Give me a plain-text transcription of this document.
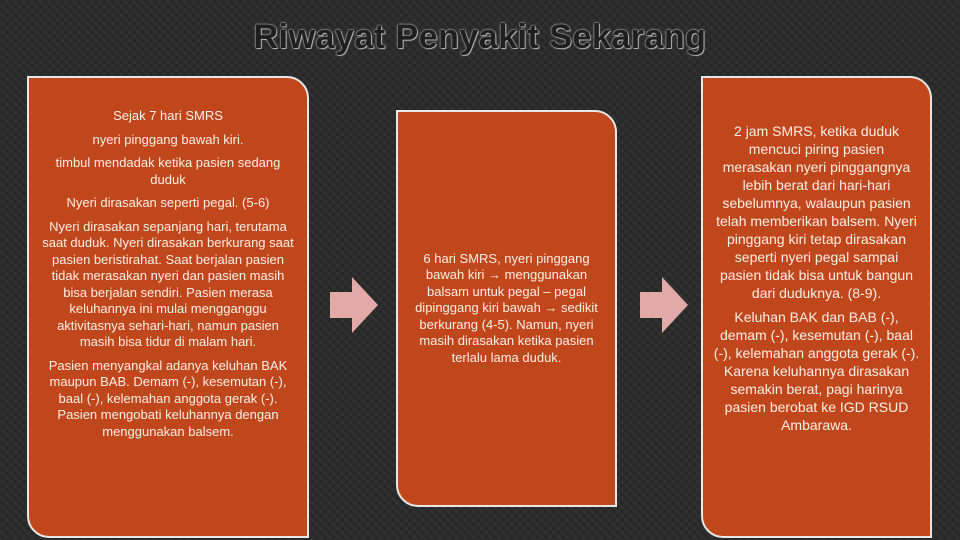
Riwayat Penyakit Sekarang

Sejak 7 hari SMRS

nyeri pinggang bawah kiri.

timbul mendadak ketika pasien sedang duduk

Nyeri dirasakan seperti pegal. (5-6)

Nyeri dirasakan sepanjang hari, terutama saat duduk. Nyeri dirasakan berkurang saat pasien beristirahat. Saat berjalan pasien tidak merasakan nyeri dan pasien masih bisa berjalan sendiri. Pasien merasa keluhannya ini mulai mengganggu aktivitasnya sehari-hari, namun pasien masih bisa tidur di malam hari.

Pasien menyangkal adanya keluhan BAK maupun BAB. Demam (-), kesemutan (-), baal (-), kelemahan anggota gerak (-). Pasien mengobati keluhannya dengan menggunakan balsem.

6 hari SMRS, nyeri pinggang bawah kiri → menggunakan balsam untuk pegal – pegal dipinggang kiri bawah → sedikit berkurang (4-5). Namun, nyeri masih dirasakan ketika pasien terlalu lama duduk.

2 jam SMRS, ketika duduk mencuci piring pasien merasakan nyeri pinggangnya lebih berat dari hari-hari sebelumnya, walaupun pasien telah memberikan balsem. Nyeri pinggang kiri tetap dirasakan seperti nyeri pegal sampai pasien tidak bisa untuk bangun dari duduknya. (8-9).

Keluhan BAK dan BAB (-), demam (-), kesemutan (-), baal (-), kelemahan anggota gerak (-). Karena keluhannya dirasakan semakin berat, pagi harinya pasien berobat ke IGD RSUD Ambarawa.
